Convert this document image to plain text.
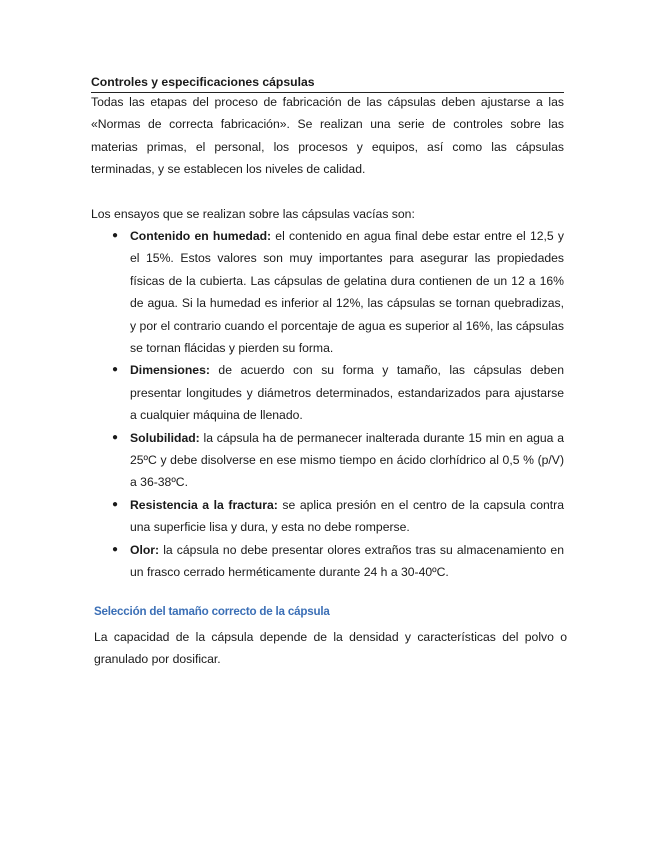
Controles y especificaciones cápsulas

Todas las etapas del proceso de fabricación de las cápsulas deben ajustarse a las «Normas de correcta fabricación». Se realizan una serie de controles sobre las materias primas, el personal, los procesos y equipos, así como las cápsulas terminadas, y se establecen los niveles de calidad.

Los ensayos que se realizan sobre las cápsulas vacías son:

● Contenido en humedad: el contenido en agua final debe estar entre el 12,5 y el 15%. Estos valores son muy importantes para asegurar las propiedades físicas de la cubierta. Las cápsulas de gelatina dura contienen de un 12 a 16% de agua. Si la humedad es inferior al 12%, las cápsulas se tornan quebradizas, y por el contrario cuando el porcentaje de agua es superior al 16%, las cápsulas se tornan flácidas y pierden su forma.
● Dimensiones: de acuerdo con su forma y tamaño, las cápsulas deben presentar longitudes y diámetros determinados, estandarizados para ajustarse a cualquier máquina de llenado.
● Solubilidad: la cápsula ha de permanecer inalterada durante 15 min en agua a 25ºC y debe disolverse en ese mismo tiempo en ácido clorhídrico al 0,5 % (p/V) a 36-38ºC.
● Resistencia a la fractura: se aplica presión en el centro de la capsula contra una superficie lisa y dura, y esta no debe romperse.
● Olor: la cápsula no debe presentar olores extraños tras su almacenamiento en un frasco cerrado herméticamente durante 24 h a 30-40ºC.
Selección del tamaño correcto de la cápsula

La capacidad de la cápsula depende de la densidad y características del polvo o granulado por dosificar.
